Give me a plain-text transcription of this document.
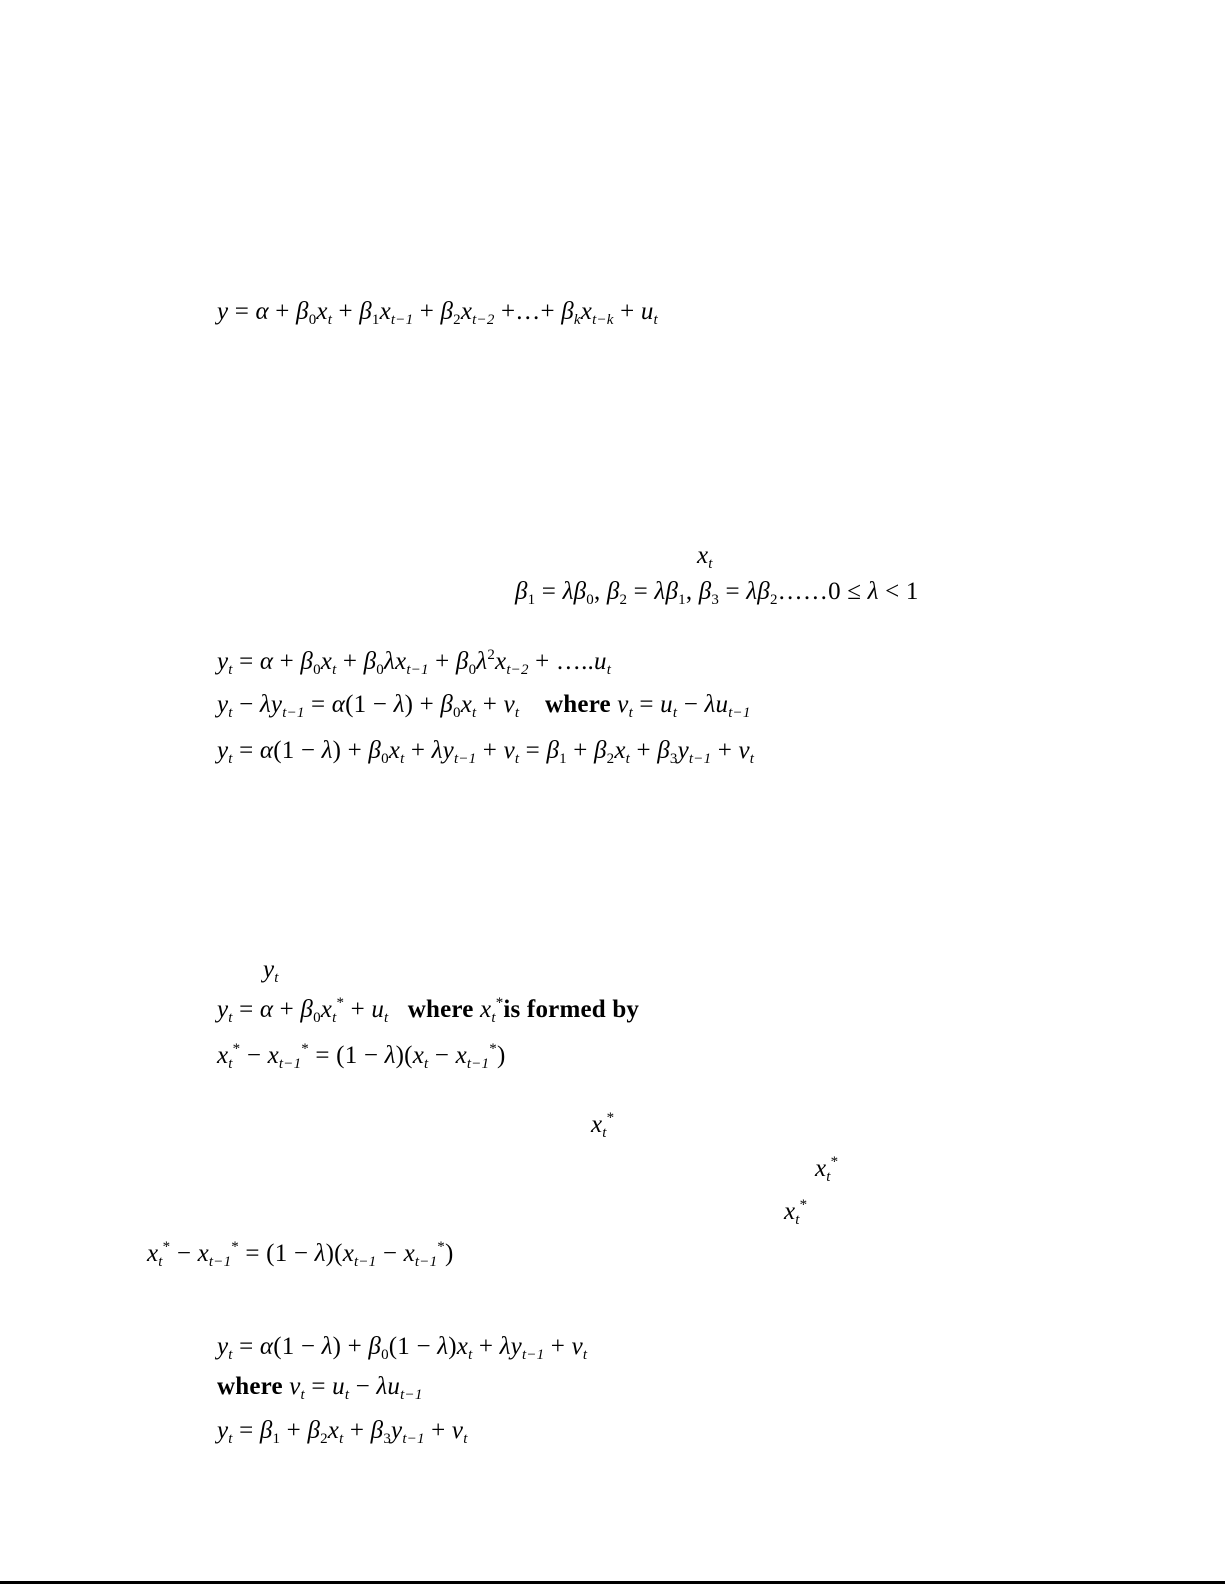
$y = \alpha + \beta_0x_t + \beta_1x_{t-1} + \beta_2x_{t-2}$ +…+ $\beta_kx_{t-k} + u_t$
$x_t$
$\beta_1 = \lambda\beta_0$, $\beta_2 = \lambda\beta_1$, $\beta_3$ = $\lambda\beta_2\dots\dots 0 \le \lambda < 1$
$y_t = \alpha + \beta_0x_t + \beta_0\lambda x_{t-1} + \beta_0\lambda^2x_{t-2}$ + $\dots..u_t$
$y_t - \lambda y_{t-1} = \alpha(1 - \lambda) + \beta_0x_t + v_t$ where $v_t = u_t - \lambda u_{t-1}$
$y_t = \alpha(1 - \lambda) + \beta_0x_t + \lambda y_{t-1} + v_t = \beta_1 + \beta_2x_t + \beta_3y_{t-1} + v_t$
$y_t$
$y_t = \alpha + \beta_0x_t^* + u_t$ where $x_t^*is$ formed by
$x_t^* - x_{t-1}^* = (1 - \lambda)(x_t - x_{t-1}^*)$
$x_t^*$
$x_t^*$
$x_t^*$
$x_t^* - x_{t-1}^* = (1 - \lambda)(x_{t-1} - x_{t-1}^*)$
$y_t = \alpha(1 - \lambda) + \beta_0(1 - \lambda)x_t + \lambda y_{t-1} + v_t$
where $v_t = u_t - \lambda u_{t-1}$
$y_t = \beta_1 + \beta_2x_t + \beta_3y_{t-1} + v_t$
